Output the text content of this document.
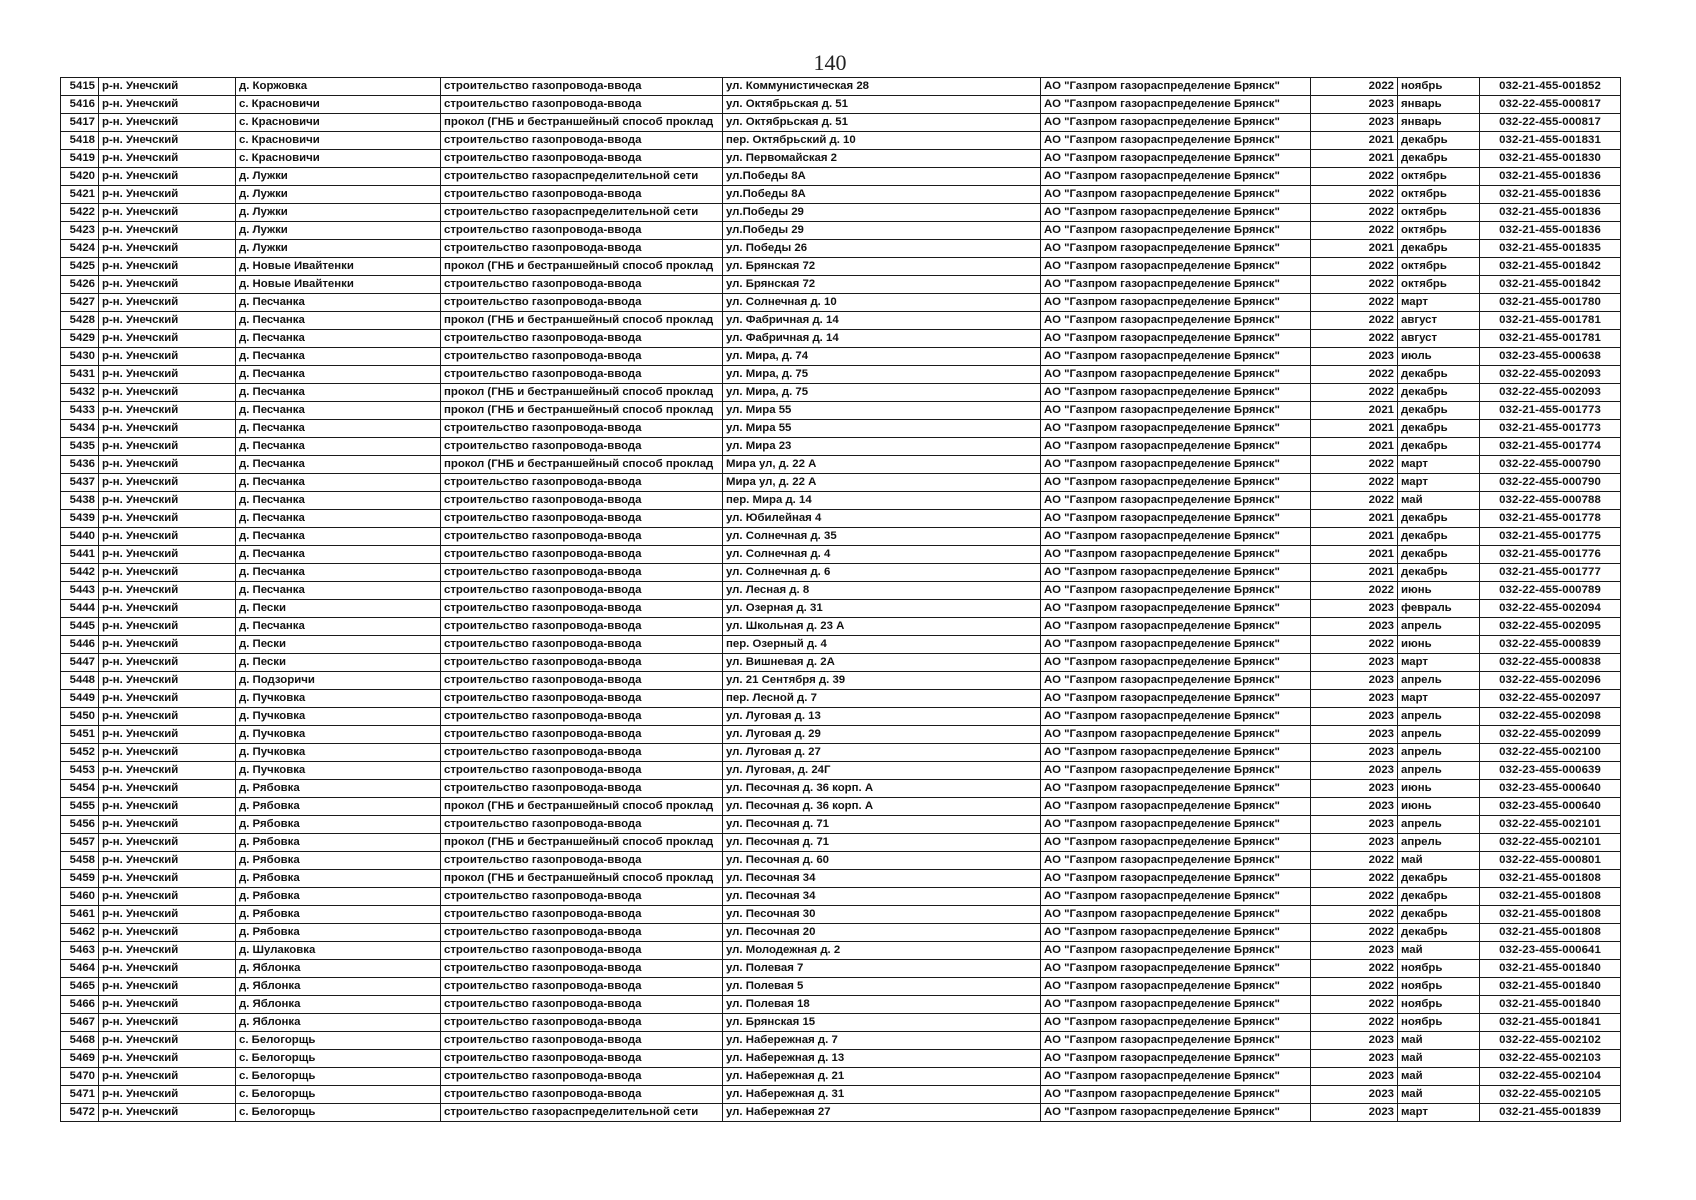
140
5415	р-н. Унечский	д. Коржовка	строительство газопровода-ввода	ул. Коммунистическая 28	АО "Газпром газораспределение Брянск"	2022	ноябрь	032-21-455-001852
5416	р-н. Унечский	с. Красновичи	строительство газопровода-ввода	ул. Октябрьская д. 51	АО "Газпром газораспределение Брянск"	2023	январь	032-22-455-000817
5417	р-н. Унечский	с. Красновичи	прокол (ГНБ и бестраншейный способ проклад	ул. Октябрьская д. 51	АО "Газпром газораспределение Брянск"	2023	январь	032-22-455-000817
5418	р-н. Унечский	с. Красновичи	строительство газопровода-ввода	пер. Октябрьский д. 10	АО "Газпром газораспределение Брянск"	2021	декабрь	032-21-455-001831
5419	р-н. Унечский	с. Красновичи	строительство газопровода-ввода	ул. Первомайская 2	АО "Газпром газораспределение Брянск"	2021	декабрь	032-21-455-001830
5420	р-н. Унечский	д. Лужки	строительство газораспределительной сети	ул.Победы 8А	АО "Газпром газораспределение Брянск"	2022	октябрь	032-21-455-001836
5421	р-н. Унечский	д. Лужки	строительство газопровода-ввода	ул.Победы 8А	АО "Газпром газораспределение Брянск"	2022	октябрь	032-21-455-001836
5422	р-н. Унечский	д. Лужки	строительство газораспределительной сети	ул.Победы 29	АО "Газпром газораспределение Брянск"	2022	октябрь	032-21-455-001836
5423	р-н. Унечский	д. Лужки	строительство газопровода-ввода	ул.Победы 29	АО "Газпром газораспределение Брянск"	2022	октябрь	032-21-455-001836
5424	р-н. Унечский	д. Лужки	строительство газопровода-ввода	ул. Победы 26	АО "Газпром газораспределение Брянск"	2021	декабрь	032-21-455-001835
5425	р-н. Унечский	д. Новые Ивайтенки	прокол (ГНБ и бестраншейный способ проклад	ул. Брянская 72	АО "Газпром газораспределение Брянск"	2022	октябрь	032-21-455-001842
5426	р-н. Унечский	д. Новые Ивайтенки	строительство газопровода-ввода	ул. Брянская 72	АО "Газпром газораспределение Брянск"	2022	октябрь	032-21-455-001842
5427	р-н. Унечский	д. Песчанка	строительство газопровода-ввода	ул. Солнечная д. 10	АО "Газпром газораспределение Брянск"	2022	март	032-21-455-001780
5428	р-н. Унечский	д. Песчанка	прокол (ГНБ и бестраншейный способ проклад	ул. Фабричная д. 14	АО "Газпром газораспределение Брянск"	2022	август	032-21-455-001781
5429	р-н. Унечский	д. Песчанка	строительство газопровода-ввода	ул. Фабричная д. 14	АО "Газпром газораспределение Брянск"	2022	август	032-21-455-001781
5430	р-н. Унечский	д. Песчанка	строительство газопровода-ввода	ул. Мира, д. 74	АО "Газпром газораспределение Брянск"	2023	июль	032-23-455-000638
5431	р-н. Унечский	д. Песчанка	строительство газопровода-ввода	ул. Мира, д. 75	АО "Газпром газораспределение Брянск"	2022	декабрь	032-22-455-002093
5432	р-н. Унечский	д. Песчанка	прокол (ГНБ и бестраншейный способ проклад	ул. Мира, д. 75	АО "Газпром газораспределение Брянск"	2022	декабрь	032-22-455-002093
5433	р-н. Унечский	д. Песчанка	прокол (ГНБ и бестраншейный способ проклад	ул. Мира 55	АО "Газпром газораспределение Брянск"	2021	декабрь	032-21-455-001773
5434	р-н. Унечский	д. Песчанка	строительство газопровода-ввода	ул. Мира 55	АО "Газпром газораспределение Брянск"	2021	декабрь	032-21-455-001773
5435	р-н. Унечский	д. Песчанка	строительство газопровода-ввода	ул. Мира 23	АО "Газпром газораспределение Брянск"	2021	декабрь	032-21-455-001774
5436	р-н. Унечский	д. Песчанка	прокол (ГНБ и бестраншейный способ проклад	Мира ул, д. 22 А	АО "Газпром газораспределение Брянск"	2022	март	032-22-455-000790
5437	р-н. Унечский	д. Песчанка	строительство газопровода-ввода	Мира ул, д. 22 А	АО "Газпром газораспределение Брянск"	2022	март	032-22-455-000790
5438	р-н. Унечский	д. Песчанка	строительство газопровода-ввода	пер. Мира д. 14	АО "Газпром газораспределение Брянск"	2022	май	032-22-455-000788
5439	р-н. Унечский	д. Песчанка	строительство газопровода-ввода	ул. Юбилейная 4	АО "Газпром газораспределение Брянск"	2021	декабрь	032-21-455-001778
5440	р-н. Унечский	д. Песчанка	строительство газопровода-ввода	ул. Солнечная д. 35	АО "Газпром газораспределение Брянск"	2021	декабрь	032-21-455-001775
5441	р-н. Унечский	д. Песчанка	строительство газопровода-ввода	ул. Солнечная д. 4	АО "Газпром газораспределение Брянск"	2021	декабрь	032-21-455-001776
5442	р-н. Унечский	д. Песчанка	строительство газопровода-ввода	ул. Солнечная д. 6	АО "Газпром газораспределение Брянск"	2021	декабрь	032-21-455-001777
5443	р-н. Унечский	д. Песчанка	строительство газопровода-ввода	ул. Лесная д. 8	АО "Газпром газораспределение Брянск"	2022	июнь	032-22-455-000789
5444	р-н. Унечский	д. Пески	строительство газопровода-ввода	ул. Озерная д. 31	АО "Газпром газораспределение Брянск"	2023	февраль	032-22-455-002094
5445	р-н. Унечский	д. Песчанка	строительство газопровода-ввода	ул. Школьная д. 23 А	АО "Газпром газораспределение Брянск"	2023	апрель	032-22-455-002095
5446	р-н. Унечский	д. Пески	строительство газопровода-ввода	пер. Озерный д. 4	АО "Газпром газораспределение Брянск"	2022	июнь	032-22-455-000839
5447	р-н. Унечский	д. Пески	строительство газопровода-ввода	ул. Вишневая д. 2А	АО "Газпром газораспределение Брянск"	2023	март	032-22-455-000838
5448	р-н. Унечский	д. Подзоричи	строительство газопровода-ввода	ул. 21 Сентября д. 39	АО "Газпром газораспределение Брянск"	2023	апрель	032-22-455-002096
5449	р-н. Унечский	д. Пучковка	строительство газопровода-ввода	пер. Лесной д. 7	АО "Газпром газораспределение Брянск"	2023	март	032-22-455-002097
5450	р-н. Унечский	д. Пучковка	строительство газопровода-ввода	ул. Луговая д. 13	АО "Газпром газораспределение Брянск"	2023	апрель	032-22-455-002098
5451	р-н. Унечский	д. Пучковка	строительство газопровода-ввода	ул. Луговая д. 29	АО "Газпром газораспределение Брянск"	2023	апрель	032-22-455-002099
5452	р-н. Унечский	д. Пучковка	строительство газопровода-ввода	ул. Луговая д. 27	АО "Газпром газораспределение Брянск"	2023	апрель	032-22-455-002100
5453	р-н. Унечский	д. Пучковка	строительство газопровода-ввода	ул. Луговая, д. 24Г	АО "Газпром газораспределение Брянск"	2023	апрель	032-23-455-000639
5454	р-н. Унечский	д. Рябовка	строительство газопровода-ввода	ул. Песочная д. 36 корп. А	АО "Газпром газораспределение Брянск"	2023	июнь	032-23-455-000640
5455	р-н. Унечский	д. Рябовка	прокол (ГНБ и бестраншейный способ проклад	ул. Песочная д. 36 корп. А	АО "Газпром газораспределение Брянск"	2023	июнь	032-23-455-000640
5456	р-н. Унечский	д. Рябовка	строительство газопровода-ввода	ул. Песочная д. 71	АО "Газпром газораспределение Брянск"	2023	апрель	032-22-455-002101
5457	р-н. Унечский	д. Рябовка	прокол (ГНБ и бестраншейный способ проклад	ул. Песочная д. 71	АО "Газпром газораспределение Брянск"	2023	апрель	032-22-455-002101
5458	р-н. Унечский	д. Рябовка	строительство газопровода-ввода	ул. Песочная д. 60	АО "Газпром газораспределение Брянск"	2022	май	032-22-455-000801
5459	р-н. Унечский	д. Рябовка	прокол (ГНБ и бестраншейный способ проклад	ул. Песочная 34	АО "Газпром газораспределение Брянск"	2022	декабрь	032-21-455-001808
5460	р-н. Унечский	д. Рябовка	строительство газопровода-ввода	ул. Песочная 34	АО "Газпром газораспределение Брянск"	2022	декабрь	032-21-455-001808
5461	р-н. Унечский	д. Рябовка	строительство газопровода-ввода	ул. Песочная 30	АО "Газпром газораспределение Брянск"	2022	декабрь	032-21-455-001808
5462	р-н. Унечский	д. Рябовка	строительство газопровода-ввода	ул. Песочная 20	АО "Газпром газораспределение Брянск"	2022	декабрь	032-21-455-001808
5463	р-н. Унечский	д. Шулаковка	строительство газопровода-ввода	ул. Молодежная д. 2	АО "Газпром газораспределение Брянск"	2023	май	032-23-455-000641
5464	р-н. Унечский	д. Яблонка	строительство газопровода-ввода	ул. Полевая 7	АО "Газпром газораспределение Брянск"	2022	ноябрь	032-21-455-001840
5465	р-н. Унечский	д. Яблонка	строительство газопровода-ввода	ул. Полевая 5	АО "Газпром газораспределение Брянск"	2022	ноябрь	032-21-455-001840
5466	р-н. Унечский	д. Яблонка	строительство газопровода-ввода	ул. Полевая 18	АО "Газпром газораспределение Брянск"	2022	ноябрь	032-21-455-001840
5467	р-н. Унечский	д. Яблонка	строительство газопровода-ввода	ул. Брянская 15	АО "Газпром газораспределение Брянск"	2022	ноябрь	032-21-455-001841
5468	р-н. Унечский	с. Белогорщь	строительство газопровода-ввода	ул. Набережная д. 7	АО "Газпром газораспределение Брянск"	2023	май	032-22-455-002102
5469	р-н. Унечский	с. Белогорщь	строительство газопровода-ввода	ул. Набережная д. 13	АО "Газпром газораспределение Брянск"	2023	май	032-22-455-002103
5470	р-н. Унечский	с. Белогорщь	строительство газопровода-ввода	ул. Набережная д. 21	АО "Газпром газораспределение Брянск"	2023	май	032-22-455-002104
5471	р-н. Унечский	с. Белогорщь	строительство газопровода-ввода	ул. Набережная д. 31	АО "Газпром газораспределение Брянск"	2023	май	032-22-455-002105
5472	р-н. Унечский	с. Белогорщь	строительство газораспределительной сети	ул. Набережная 27	АО "Газпром газораспределение Брянск"	2023	март	032-21-455-001839
